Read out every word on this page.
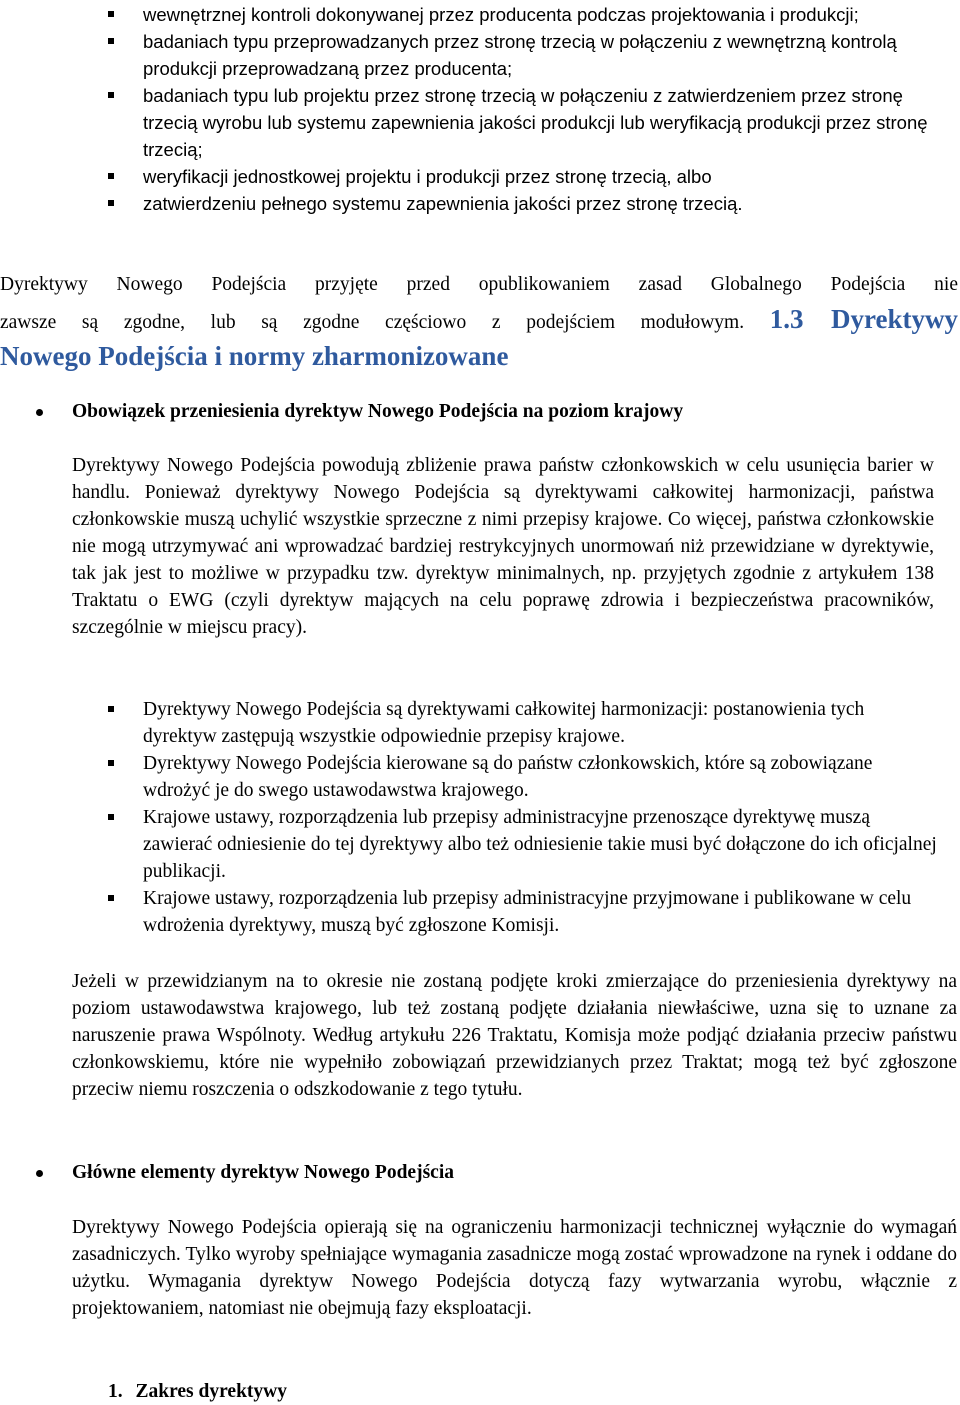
wewnętrznej kontroli dokonywanej przez producenta podczas projektowania i produkcji;
badaniach typu przeprowadzanych przez stronę trzecią w połączeniu z wewnętrzną kontrolą produkcji przeprowadzaną przez producenta;
badaniach typu lub projektu przez stronę trzecią w połączeniu z zatwierdzeniem przez stronę trzecią wyrobu lub systemu zapewnienia jakości produkcji lub weryfikacją produkcji przez stronę trzecią;
weryfikacji jednostkowej projektu i produkcji przez stronę trzecią, albo
zatwierdzeniu pełnego systemu zapewnienia jakości przez stronę trzecią.
Dyrektywy Nowego Podejścia przyjęte przed opublikowaniem zasad Globalnego Podejścia nie
zawsze są zgodne, lub są zgodne częściowo z podejściem modułowym. 1.3 Dyrektywy
Nowego Podejścia i normy zharmonizowane
Obowiązek przeniesienia dyrektyw Nowego Podejścia na poziom krajowy
Dyrektywy Nowego Podejścia powodują zbliżenie prawa państw członkowskich w celu usunięcia barier w handlu. Ponieważ dyrektywy Nowego Podejścia są dyrektywami całkowitej harmonizacji, państwa członkowskie muszą uchylić wszystkie sprzeczne z nimi przepisy krajowe. Co więcej, państwa członkowskie nie mogą utrzymywać ani wprowadzać bardziej restrykcyjnych unormowań niż przewidziane w dyrektywie, tak jak jest to możliwe w przypadku tzw. dyrektyw minimalnych, np. przyjętych zgodnie z artykułem 138 Traktatu o EWG (czyli dyrektyw mających na celu poprawę zdrowia i bezpieczeństwa pracowników, szczególnie w miejscu pracy).
Dyrektywy Nowego Podejścia są dyrektywami całkowitej harmonizacji: postanowienia tych dyrektyw zastępują wszystkie odpowiednie przepisy krajowe.
Dyrektywy Nowego Podejścia kierowane są do państw członkowskich, które są zobowiązane wdrożyć je do swego ustawodawstwa krajowego.
Krajowe ustawy, rozporządzenia lub przepisy administracyjne przenoszące dyrektywę muszą zawierać odniesienie do tej dyrektywy albo też odniesienie takie musi być dołączone do ich oficjalnej publikacji.
Krajowe ustawy, rozporządzenia lub przepisy administracyjne przyjmowane i publikowane w celu wdrożenia dyrektywy, muszą być zgłoszone Komisji.
Jeżeli w przewidzianym na to okresie nie zostaną podjęte kroki zmierzające do przeniesienia dyrektywy na poziom ustawodawstwa krajowego, lub też zostaną podjęte działania niewłaściwe, uzna się to uznane za naruszenie prawa Wspólnoty. Według artykułu 226 Traktatu, Komisja może podjąć działania przeciw państwu członkowskiemu, które nie wypełniło zobowiązań przewidzianych przez Traktat; mogą też być zgłoszone przeciw niemu roszczenia o odszkodowanie z tego tytułu.
Główne elementy dyrektyw Nowego Podejścia
Dyrektywy Nowego Podejścia opierają się na ograniczeniu harmonizacji technicznej wyłącznie do wymagań zasadniczych. Tylko wyroby spełniające wymagania zasadnicze mogą zostać wprowadzone na rynek i oddane do użytku. Wymagania dyrektyw Nowego Podejścia dotyczą fazy wytwarzania wyrobu, włącznie z projektowaniem, natomiast nie obejmują fazy eksploatacji.
1. Zakres dyrektywy
